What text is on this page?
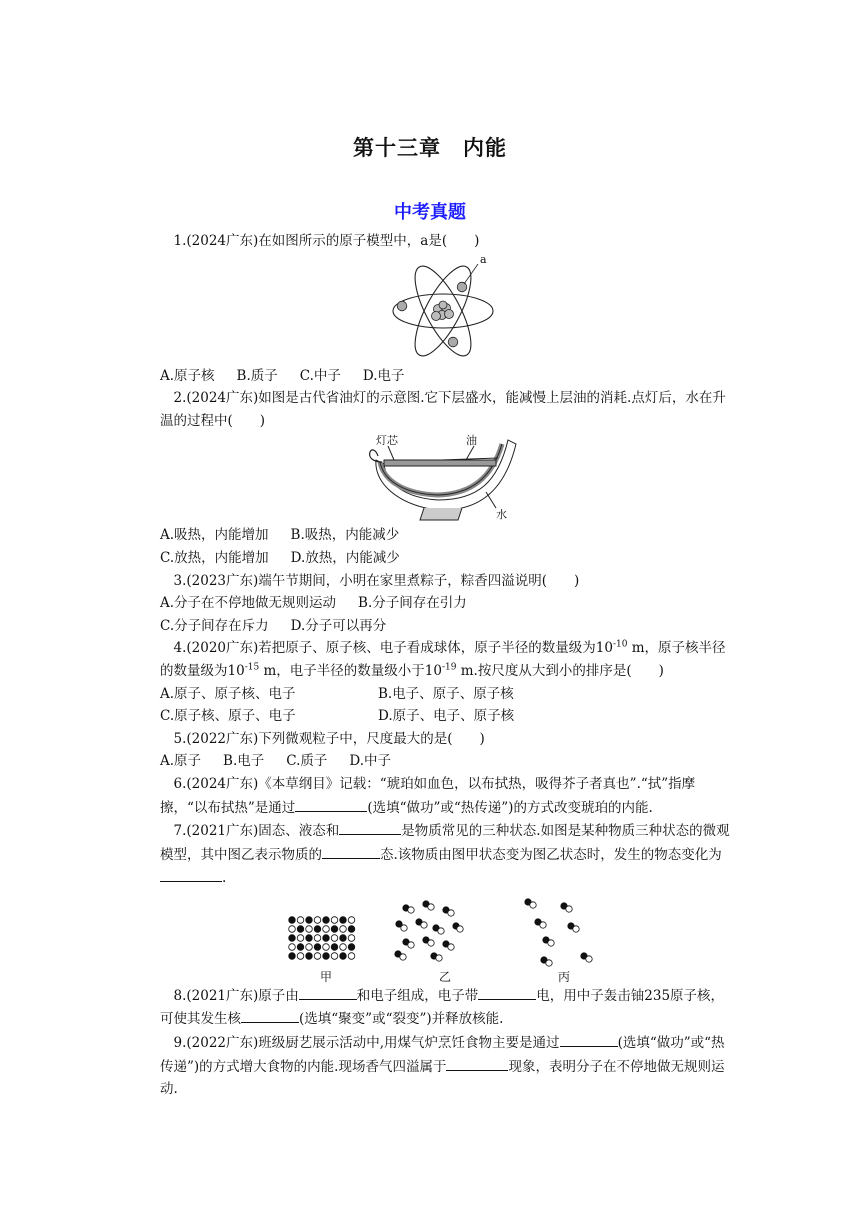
第十三章　内能
中考真题

1.(2024广东)在如图所示的原子模型中，a是(　　)

a

A.原子核 B.质子 C.中子 D.电子

2.(2024广东)如图是古代省油灯的示意图.它下层盛水，能减慢上层油的消耗.点灯后，水在升温的过程中(　　)

灯芯	油
水

A.吸热，内能增加 B.吸热，内能减少

C.放热，内能增加 D.放热，内能减少

3.(2023广东)端午节期间，小明在家里煮粽子，粽香四溢说明(　　)

A.分子在不停地做无规则运动 B.分子间存在引力

C.分子间存在斥力 D.分子可以再分

4.(2020广东)若把原子、原子核、电子看成球体，原子半径的数量级为$10^{-10}$ m，原子核半径的数量级为$10^{-15}$ m，电子半径的数量级小于$10^{-19}$ m.按尺度从大到小的排序是(　　)

A.原子、原子核、电子	B.电子、原子、原子核

C.原子核、原子、电子	D.原子、电子、原子核

5.(2022广东)下列微观粒子中，尺度最大的是(　　)

A.原子 B.电子 C.质子 D.中子

6.(2024广东)《本草纲目》记载：“琥珀如血色，以布拭热，吸得芥子者真也”.“拭”指摩擦，“以布拭热”是通过	(选填“做功”或“热传递”)的方式改变琥珀的内能.

7.(2021广东)固态、液态和	是物质常见的三种状态.如图是某种物质三种状态的微观模型，其中图乙表示物质的	态.该物质由图甲状态变为图乙状态时，发生的物态变化为.

甲	乙	丙

8.(2021广东)原子由	和电子组成，电子带	电，用中子轰击铀235原子核，可使其发生核	(选填“聚变”或“裂变”)并释放核能.

9.(2022广东)班级厨艺展示活动中,用煤气炉烹饪食物主要是通过	(选填“做功”或“热传递”)的方式增大食物的内能.现场香气四溢属于	现象，表明分子在不停地做无规则运动.
